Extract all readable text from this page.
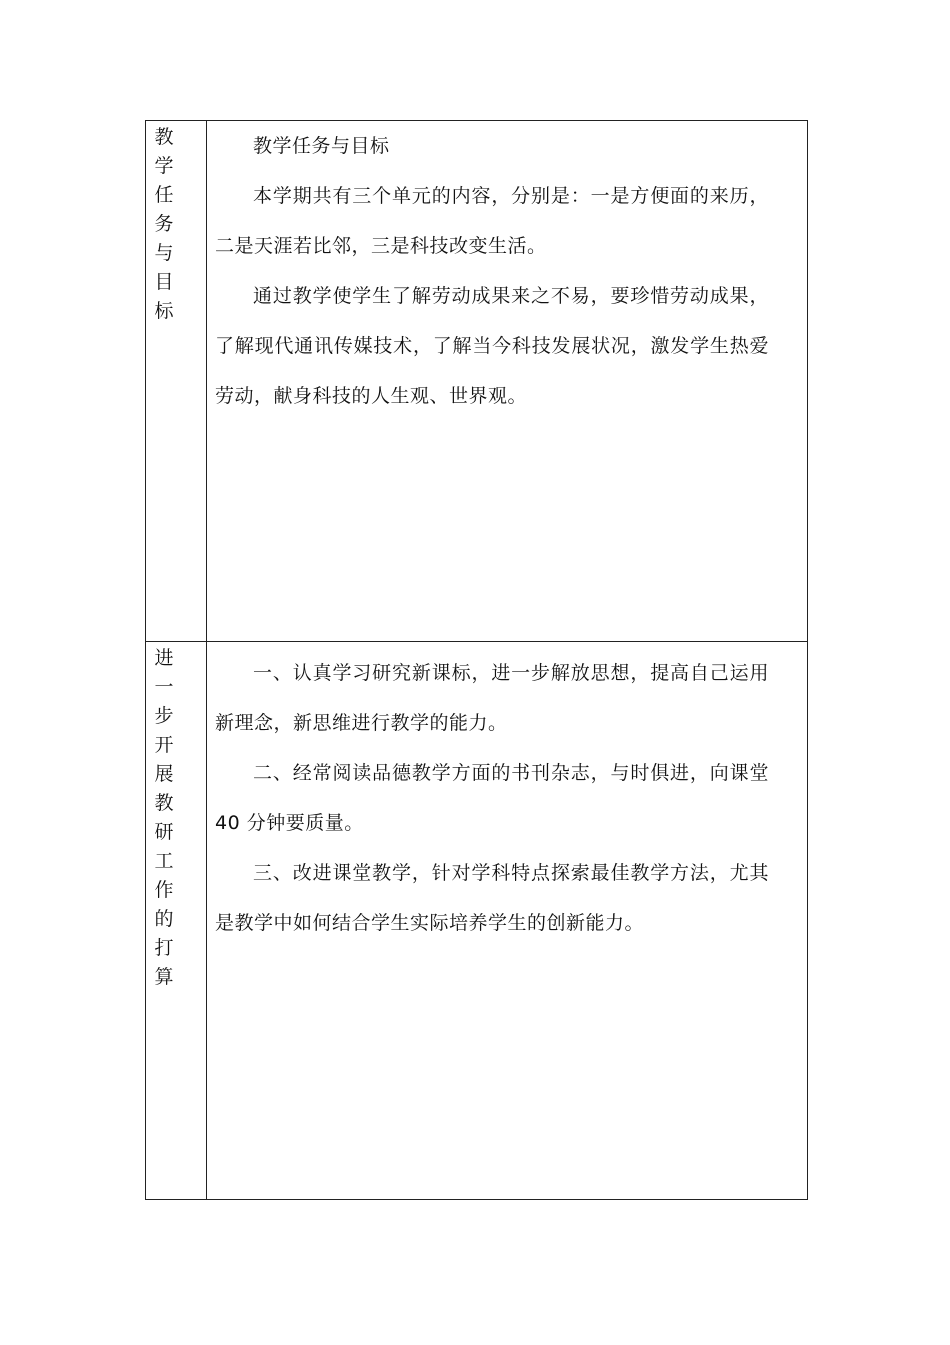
教学任务与目标

教学任务与目标

本学期共有三个单元的内容，分别是：一是方便面的来历，二是天涯若比邻，三是科技改变生活。

通过教学使学生了解劳动成果来之不易，要珍惜劳动成果，了解现代通讯传媒技术，了解当今科技发展状况，激发学生热爱劳动，献身科技的人生观、世界观。

进一步开展教研工作的打算

一、认真学习研究新课标，进一步解放思想，提高自己运用新理念，新思维进行教学的能力。

二、经常阅读品德教学方面的书刊杂志，与时俱进，向课堂 40 分钟要质量。

三、改进课堂教学，针对学科特点探索最佳教学方法，尤其是教学中如何结合学生实际培养学生的创新能力。
